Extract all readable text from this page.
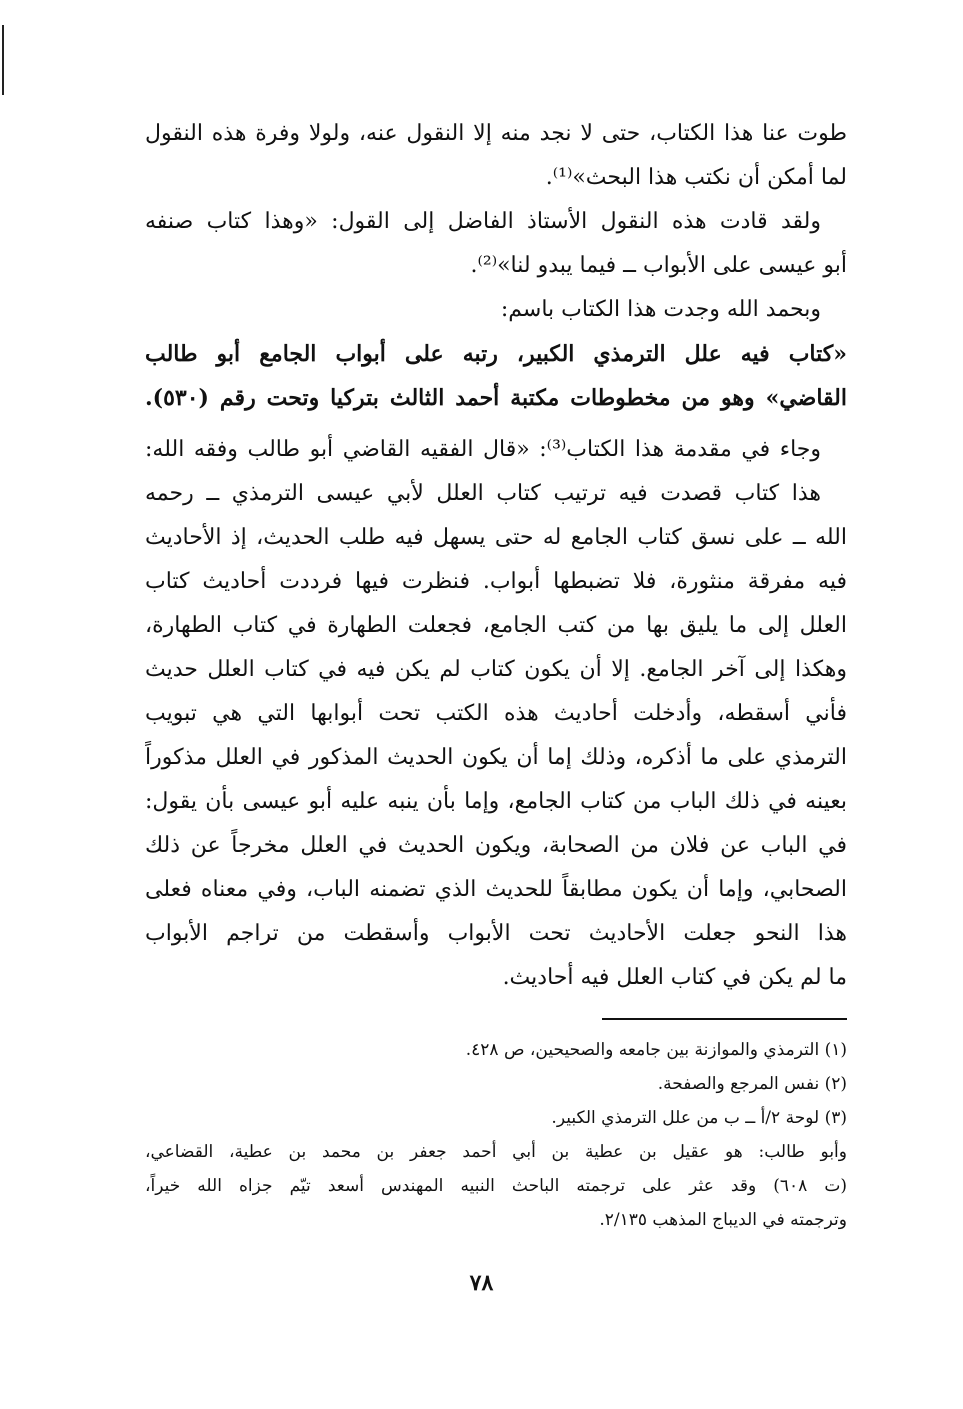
طوت عنا هذا الكتاب، حتى لا نجد منه إلا النقول عنه، ولولا وفرة هذه النقول
لما أمكن أن نكتب هذا البحث»⁽¹⁾.
ولقد قادت هذه النقول الأستاذ الفاضل إلى القول: «وهذا كتاب صنفه
أبو عيسى على الأبواب ــ فيما يبدو لنا»⁽²⁾.
وبحمد الله وجدت هذا الكتاب باسم:
«كتاب فيه علل الترمذي الكبير، رتبه على أبواب الجامع أبو طالب
القاضي» وهو من مخطوطات مكتبة أحمد الثالث بتركيا وتحت رقم (٥٣٠).
وجاء في مقدمة هذا الكتاب⁽³⁾: «قال الفقيه القاضي أبو طالب وفقه الله:
هذا كتاب قصدت فيه ترتيب كتاب العلل لأبي عيسى الترمذي ــ رحمه
الله ــ على نسق كتاب الجامع له حتى يسهل فيه طلب الحديث، إذ الأحاديث
فيه مفرقة منثورة، فلا تضبطها أبواب. فنظرت فيها فرددت أحاديث كتاب
العلل إلى ما يليق بها من كتب الجامع، فجعلت الطهارة في كتاب الطهارة،
وهكذا إلى آخر الجامع. إلا أن يكون كتاب لم يكن فيه في كتاب العلل حديث
فأني أسقطه، وأدخلت أحاديث هذه الكتب تحت أبوابها التي هي تبويب
الترمذي على ما أذكره، وذلك إما أن يكون الحديث المذكور في العلل مذكوراً
بعينه في ذلك الباب من كتاب الجامع، وإما بأن ينبه عليه أبو عيسى بأن يقول:
في الباب عن فلان من الصحابة، ويكون الحديث في العلل مخرجاً عن ذلك
الصحابي، وإما أن يكون مطابقاً للحديث الذي تضمنه الباب، وفي معناه فعلى
هذا النحو جعلت الأحاديث تحت الأبواب وأسقطت من تراجم الأبواب
ما لم يكن في كتاب العلل فيه أحاديث.
(١) الترمذي والموازنة بين جامعه والصحيحين، ص ٤٢٨.
(٢) نفس المرجع والصفحة.
(٣) لوحة ٢/أ ــ ب من علل الترمذي الكبير.
وأبو طالب: هو عقيل بن عطية بن أبي أحمد جعفر بن محمد بن عطية، القضاعي،
(ت ٦٠٨) وقد عثر على ترجمته الباحث النبيه المهندس أسعد تيّم جزاه الله خيراً،
وترجمته في الديباج المذهب ٢/١٣٥.
٧٨
